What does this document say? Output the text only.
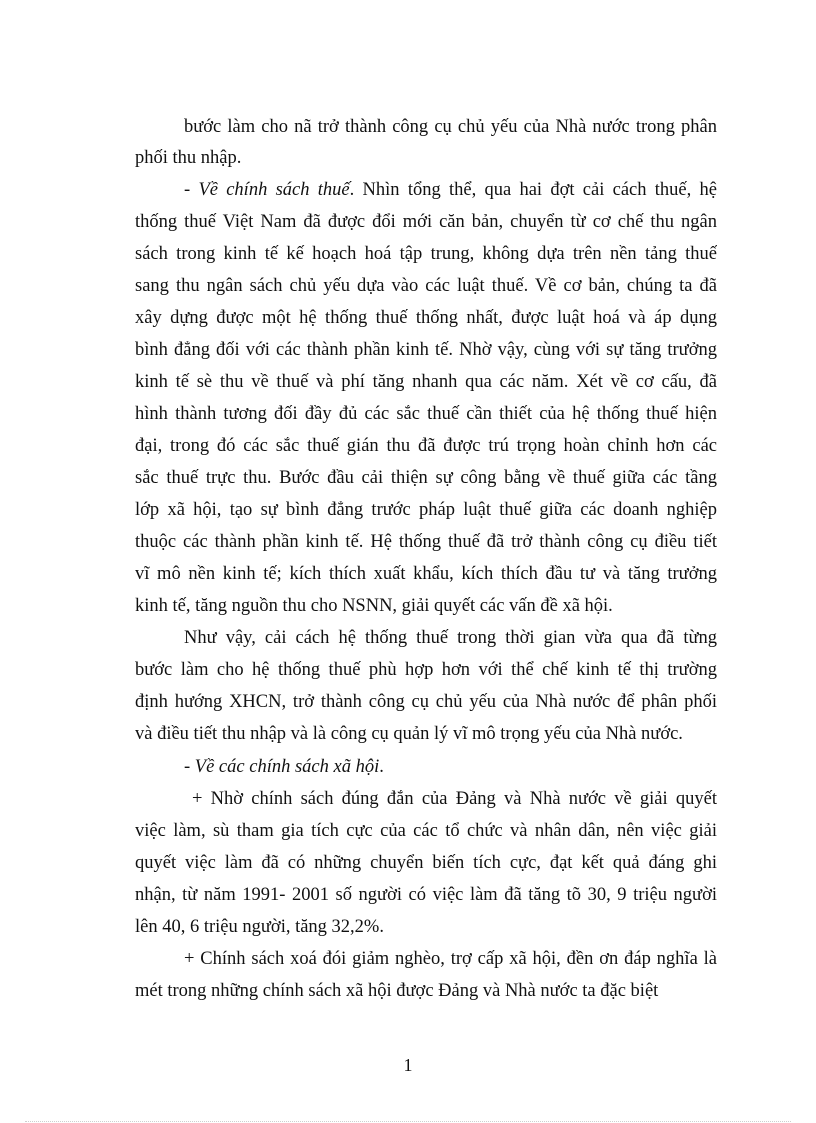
bước làm cho nã trở thành công cụ chủ yếu của Nhà nước trong phân
phối thu nhập.
- Về chính sách thuế. Nhìn tổng thể, qua hai đợt cải cách thuế, hệ
thống thuế Việt Nam đã được đổi mới căn bản, chuyển từ cơ chế thu ngân
sách trong kinh tế kế hoạch hoá tập trung, không dựa trên nền tảng thuế
sang thu ngân sách chủ yếu dựa vào các luật thuế. Về cơ bản, chúng ta đã
xây dựng được một hệ thống thuế thống nhất, được luật hoá và áp dụng
bình đẳng đối với các thành phần kinh tế. Nhờ vậy, cùng với sự tăng trưởng
kinh tế sè thu về thuế và phí tăng nhanh qua các năm. Xét về cơ cấu, đã
hình thành tương đối đầy đủ các sắc thuế cần thiết của hệ thống thuế hiện
đại, trong đó các sắc thuế gián thu đã được trú trọng hoàn chỉnh hơn các
sắc thuế trực thu. Bước đầu cải thiện sự công bằng về thuế giữa các tầng
lớp xã hội, tạo sự bình đẳng trước pháp luật thuế giữa các doanh nghiệp
thuộc các thành phần kinh tế. Hệ thống thuế đã trở thành công cụ điều tiết
vĩ mô nền kinh tế; kích thích xuất khẩu, kích thích đầu tư và tăng trưởng
kinh tế, tăng nguồn thu cho NSNN, giải quyết các vấn đề xã hội.
Như vậy, cải cách hệ thống thuế trong thời gian vừa qua đã từng
bước làm cho hệ thống thuế phù hợp hơn với thể chế kinh tế thị trường
định hướng XHCN, trở thành công cụ chủ yếu của Nhà nước để phân phối
và điều tiết thu nhập và là công cụ quản lý vĩ mô trọng yếu của Nhà nước.
- Về các chính sách xã hội.
+ Nhờ chính sách đúng đắn của Đảng và Nhà nước về giải quyết
việc làm, sù tham gia tích cực của các tổ chức và nhân dân, nên việc giải
quyết việc làm đã có những chuyển biến tích cực, đạt kết quả đáng ghi
nhận, từ năm 1991- 2001 số người có việc làm đã tăng tõ 30, 9 triệu người
lên 40, 6 triệu người, tăng 32,2%.
+ Chính sách xoá đói giảm nghèo, trợ cấp xã hội, đền ơn đáp nghĩa là
mét trong những chính sách xã hội được Đảng và Nhà nước ta đặc biệt
1
